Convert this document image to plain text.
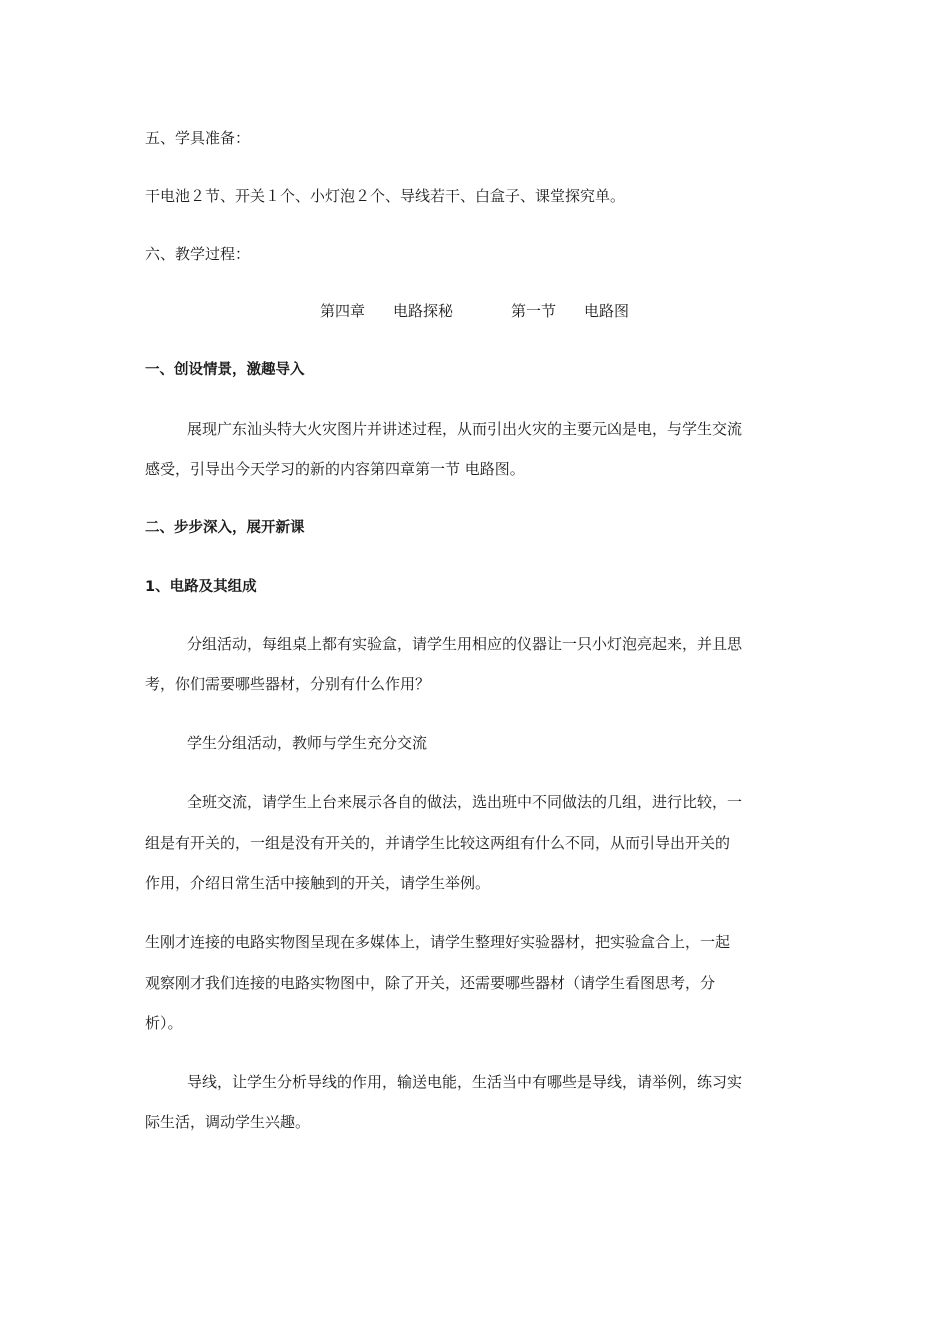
五、学具准备：
干电池２节、开关１个、小灯泡２个、导线若干、白盒子、课堂探究单。
六、教学过程：
第四章 电路探秘	第一节 电路图
一、创设情景，激趣导入
展现广东汕头特大火灾图片并讲述过程，从而引出火灾的主要元凶是电，与学生交流
感受，引导出今天学习的新的内容第四章第一节 电路图。
二、步步深入，展开新课
1、电路及其组成
分组活动，每组桌上都有实验盒，请学生用相应的仪器让一只小灯泡亮起来，并且思
考，你们需要哪些器材，分别有什么作用？
学生分组活动，教师与学生充分交流
全班交流，请学生上台来展示各自的做法，选出班中不同做法的几组，进行比较，一
组是有开关的，一组是没有开关的，并请学生比较这两组有什么不同，从而引导出开关的
作用，介绍日常生活中接触到的开关，请学生举例。
生刚才连接的电路实物图呈现在多媒体上，请学生整理好实验器材，把实验盒合上，一起
观察刚才我们连接的电路实物图中，除了开关，还需要哪些器材（请学生看图思考，分
析）。
导线，让学生分析导线的作用，输送电能，生活当中有哪些是导线，请举例，练习实
际生活，调动学生兴趣。
